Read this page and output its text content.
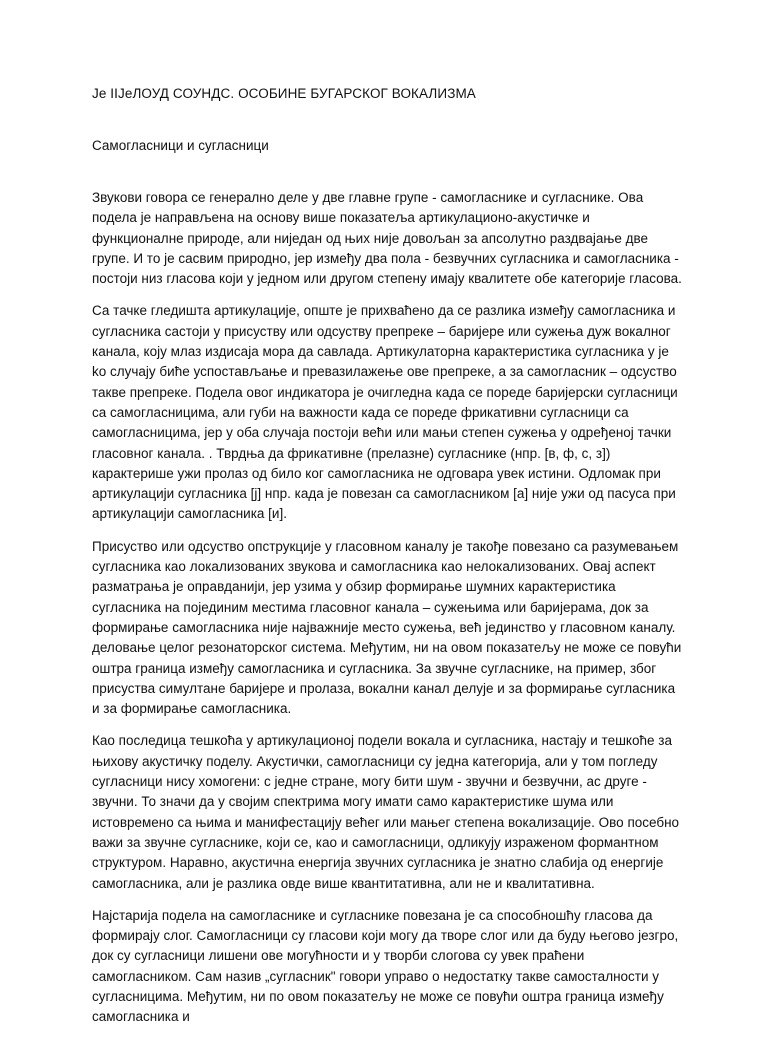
Је IIЈеЛОУД СОУНДС. ОСОБИНЕ БУГАРСКОГ ВОКАЛИЗМА
Самогласници и сугласници

Звукови говора се генерално деле у две главне групе - самогласнике и сугласнике. Ова подела је направљена на основу више показатеља артикулационо-акустичке и функционалне природе, али ниједан од њих није довољан за апсолутно раздвајање две групе. И то је сасвим природно, јер између два пола - безвучних сугласника и самогласника - постоји низ гласова који у једном или другом степену имају квалитете обе категорије гласова.

Са тачке гледишта артикулације, опште је прихваћено да се разлика између самогласника и сугласника састоји у присуству или одсуству препреке – баријере или сужења дуж вокалног канала, коју млаз издисаја мора да савлада. Артикулаторна карактеристика сугласника у је ko случају биће успостављање и превазилажење ове препреке, а за самогласник – одсуство такве препреке. Подела овог индикатора је очигледна када се пореде баријерски сугласници са самогласницима, али губи на важности када се пореде фрикативни сугласници са самогласницима, јер у оба случаја постоји већи или мањи степен сужења у одређеној тачки гласовног канала. . Тврдња да фрикативне (прелазне) сугласнике (нпр. [в, ф, с, з]) карактерише ужи пролаз од било ког самогласника не одговара увек истини. Одломак при артикулацији сугласника [ј] нпр. када је повезан са самогласником [а] није ужи од пасуса при артикулацији самогласника [и].

Присуство или одсуство опструкције у гласовном каналу је такође повезано са разумевањем сугласника као локализованих звукова и самогласника као нелокализованих. Овај аспект разматрања је оправданији, јер узима у обзир формирање шумних карактеристика сугласника на појединим местима гласовног канала – сужењима или баријерама, док за формирање самогласника није најважније место сужења, већ јединство у гласовном каналу. деловање целог резонаторског система. Међутим, ни на овом показатељу не може се повући оштра граница између самогласника и сугласника. За звучне сугласнике, на пример, због присуства симултане баријере и пролаза, вокални канал делује и за формирање сугласника и за формирање самогласника.

Као последица тешкоћа у артикулационој подели вокала и сугласника, настају и тешкоће за њихову акустичку поделу. Акустички, самогласници су једна категорија, али у том погледу сугласници нису хомогени: с једне стране, могу бити шум - звучни и безвучни, ас друге - звучни. То значи да у својим спектрима могу имати само карактеристике шума или истовремено са њима и манифестацију већег или мањег степена вокализације. Ово посебно важи за звучне сугласнике, који се, као и самогласници, одликују израженом формантном структуром. Наравно, акустична енергија звучних сугласника је знатно слабија од енергије самогласника, али је разлика овде више квантитативна, али не и квалитативна.

Најстарија подела на самогласнике и сугласнике повезана је са способношћу гласова да формирају слог. Самогласници су гласови који могу да творе слог или да буду његово језгро, док су сугласници лишени ове могућности и у творби слогова су увек праћени самогласником. Сам назив „сугласник" говори управо о недостатку такве самосталности у сугласницима. Међутим, ни по овом показатељу не може се повући оштра граница између самогласника и
